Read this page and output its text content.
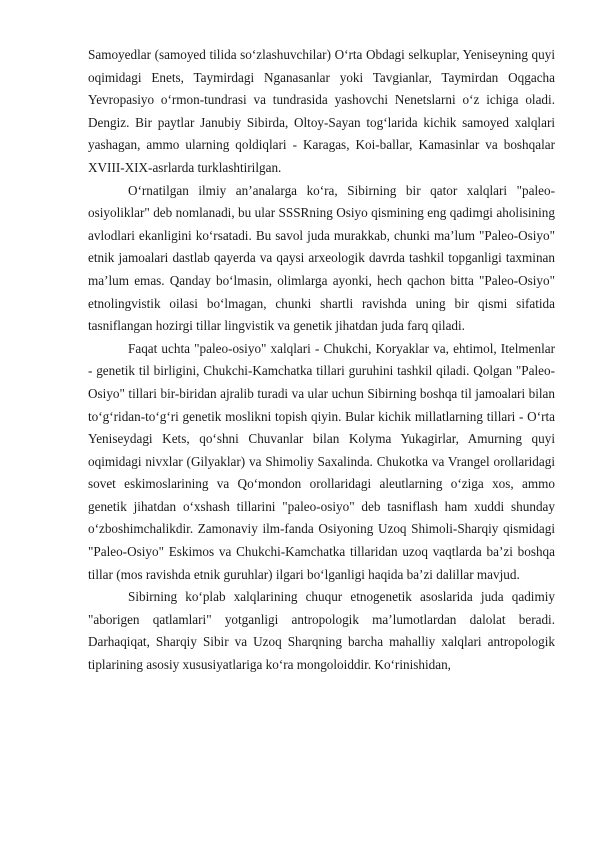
Samoyedlar (samoyed tilida soʻzlashuvchilar) Oʻrta Obdagi selkuplar, Yeniseyning quyi oqimidagi Enets, Taymirdagi Nganasanlar yoki Tavgianlar, Taymirdan Oqgacha Yevropasiyo oʻrmon-tundrasi va tundrasida yashovchi Nenetslarni oʻz ichiga oladi. Dengiz. Bir paytlar Janubiy Sibirda, Oltoy-Sayan togʻlarida kichik samoyed xalqlari yashagan, ammo ularning qoldiqlari - Karagas, Koi-ballar, Kamasinlar va boshqalar XVIII-XIX-asrlarda turklashtirilgan.

Oʻrnatilgan ilmiy an’analarga koʻra, Sibirning bir qator xalqlari "paleo-osiyoliklar" deb nomlanadi, bu ular SSSRning Osiyo qismining eng qadimgi aholisining avlodlari ekanligini koʻrsatadi. Bu savol juda murakkab, chunki ma’lum "Paleo-Osiyo" etnik jamoalari dastlab qayerda va qaysi arxeologik davrda tashkil topganligi taxminan ma’lum emas. Qanday boʻlmasin, olimlarga ayonki, hech qachon bitta "Paleo-Osiyo" etnolingvistik oilasi boʻlmagan, chunki shartli ravishda uning bir qismi sifatida tasniflangan hozirgi tillar lingvistik va genetik jihatdan juda farq qiladi.

Faqat uchta "paleo-osiyo" xalqlari - Chukchi, Koryaklar va, ehtimol, Itelmenlar - genetik til birligini, Chukchi-Kamchatka tillari guruhini tashkil qiladi. Qolgan "Paleo-Osiyo" tillari bir-biridan ajralib turadi va ular uchun Sibirning boshqa til jamoalari bilan toʻgʻridan-toʻgʻri genetik moslikni topish qiyin. Bular kichik millatlarning tillari - Oʻrta Yeniseydagi Kets, qoʻshni Chuvanlar bilan Kolyma Yukagirlar, Amurning quyi oqimidagi nivxlar (Gilyaklar) va Shimoliy Saxalinda. Chukotka va Vrangel orollaridagi sovet eskimoslarining va Qoʻmondon orollaridagi aleutlarning oʻziga xos, ammo genetik jihatdan oʻxshash tillarini "paleo-osiyo" deb tasniflash ham xuddi shunday oʻzboshimchalikdir. Zamonaviy ilm-fanda Osiyoning Uzoq Shimoli-Sharqiy qismidagi "Paleo-Osiyo" Eskimos va Chukchi-Kamchatka tillaridan uzoq vaqtlarda ba’zi boshqa tillar (mos ravishda etnik guruhlar) ilgari boʻlganligi haqida ba’zi dalillar mavjud.

Sibirning koʻplab xalqlarining chuqur etnogenetik asoslarida juda qadimiy "aborigen qatlamlari" yotganligi antropologik ma’lumotlardan dalolat beradi. Darhaqiqat, Sharqiy Sibir va Uzoq Sharqning barcha mahalliy xalqlari antropologik tiplarining asosiy xususiyatlariga koʻra mongoloiddir. Koʻrinishidan,
